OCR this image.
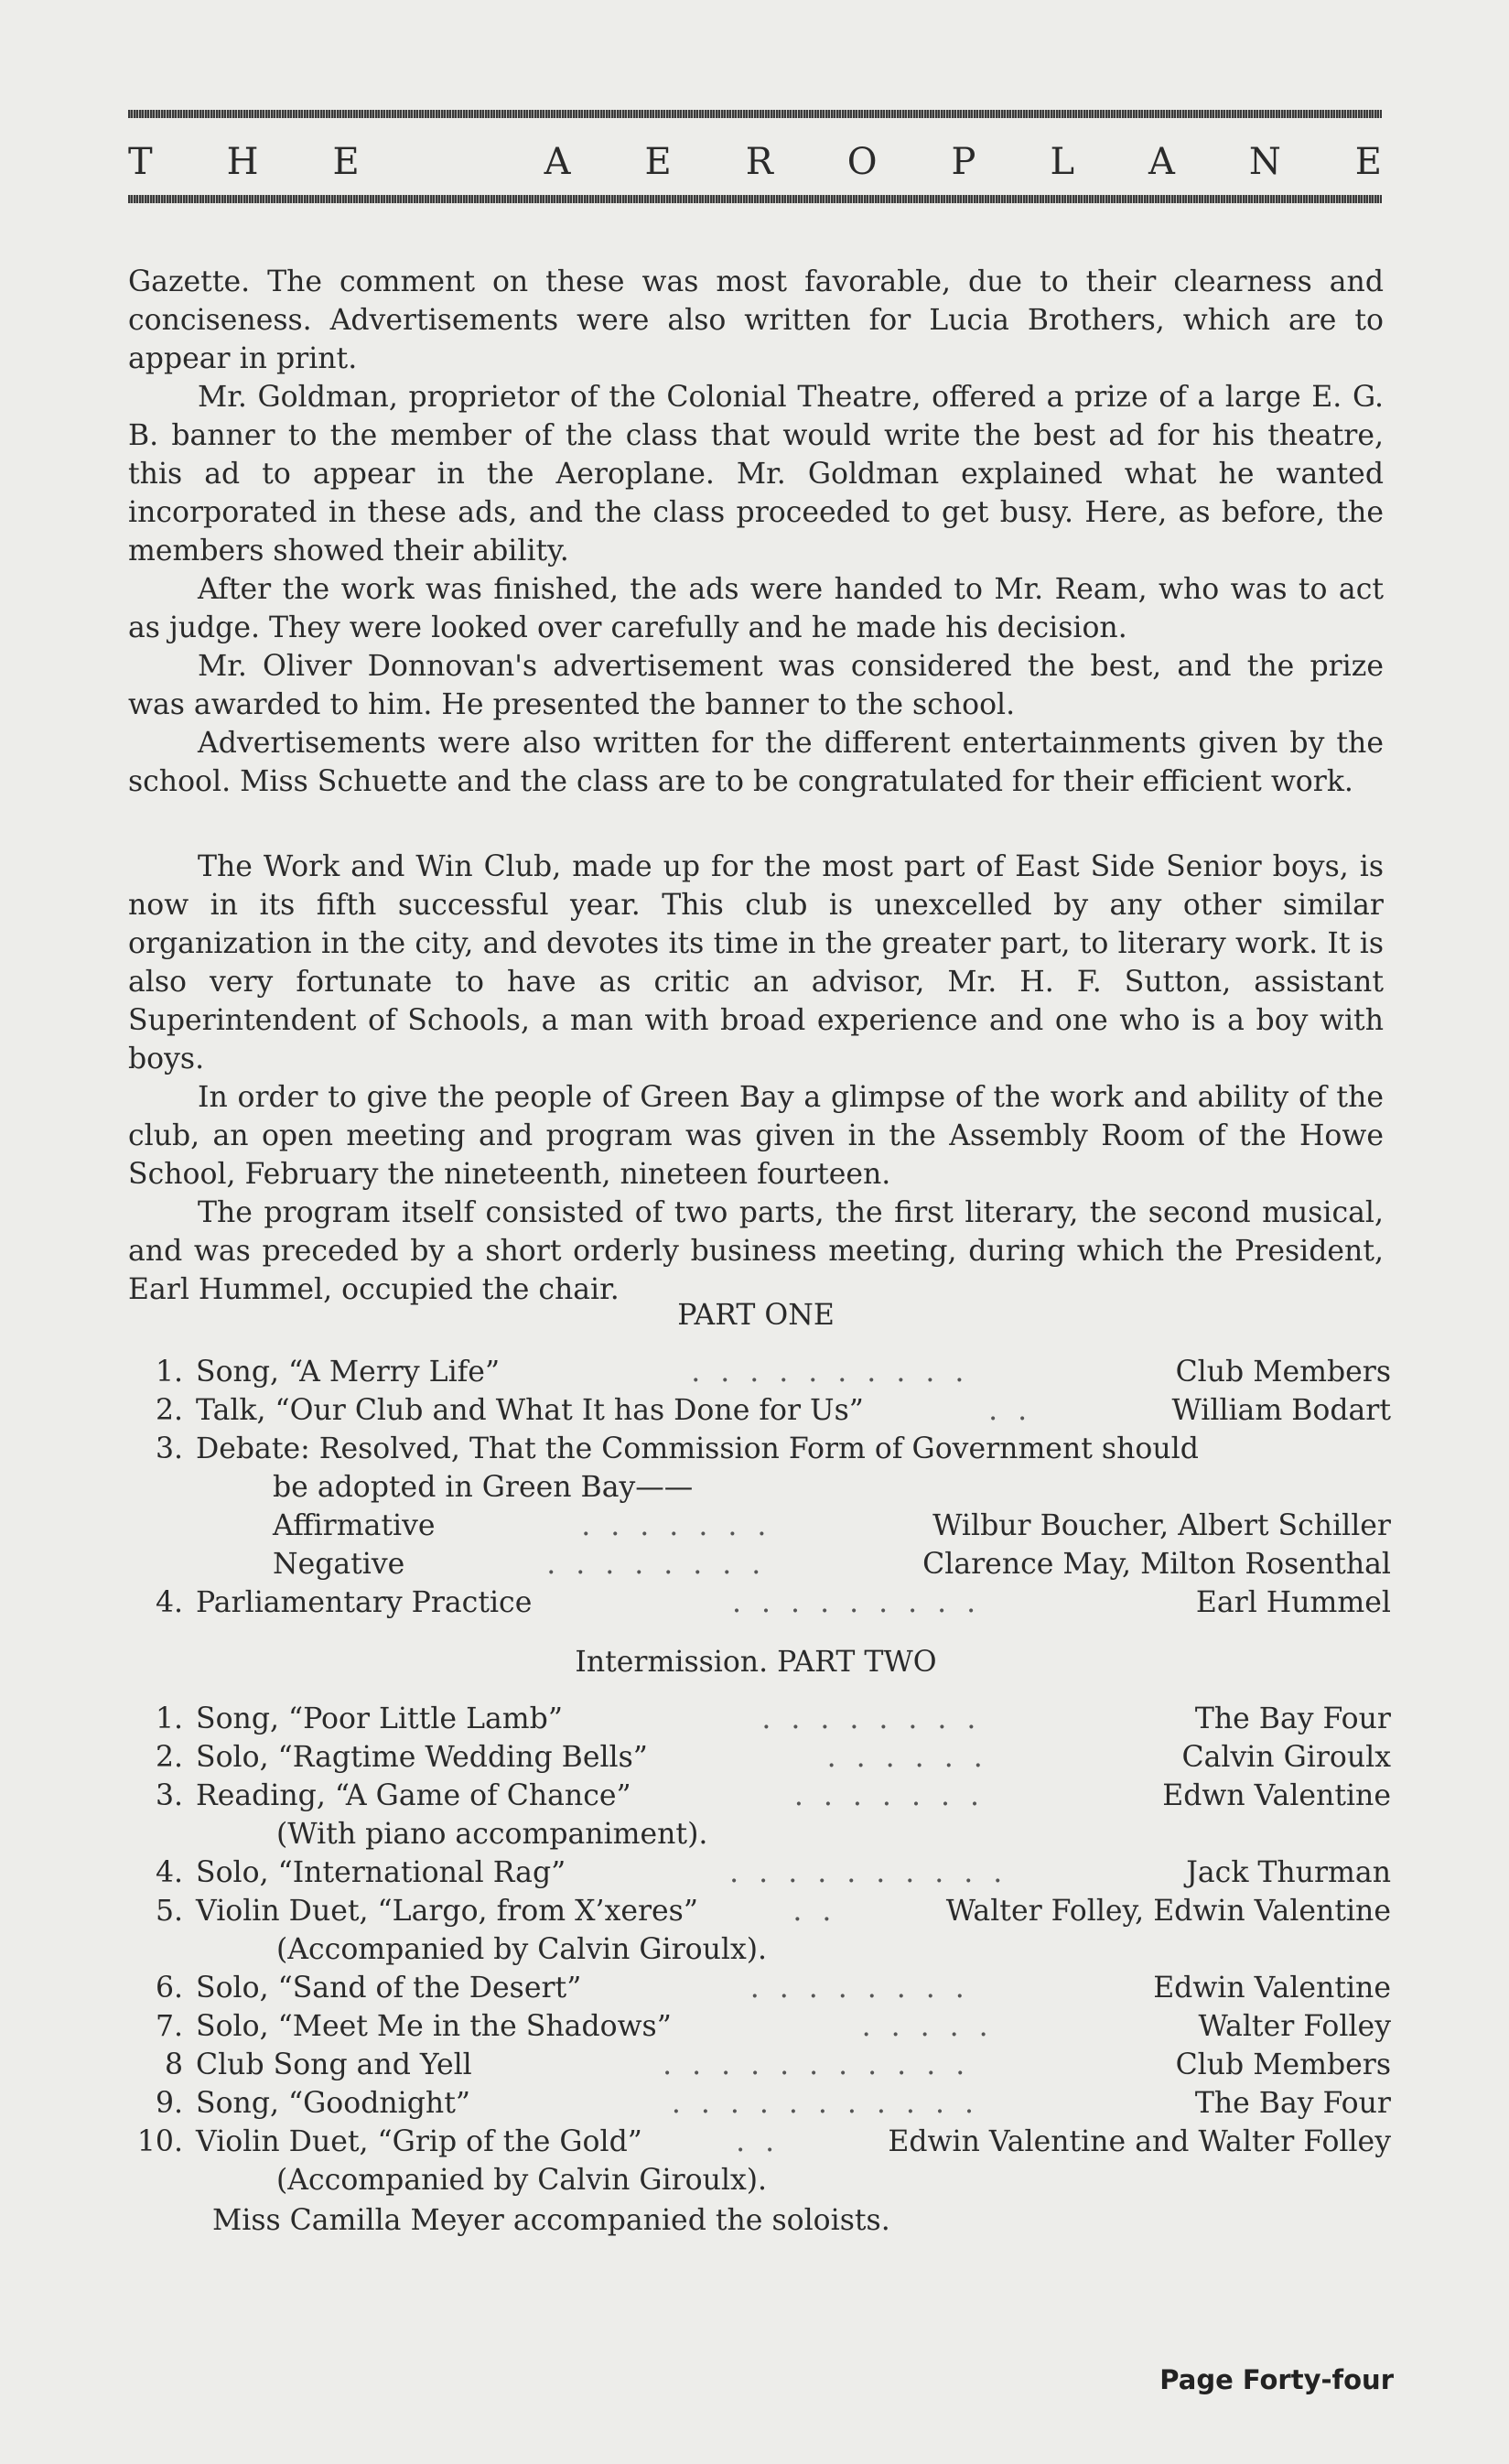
T H E	A E R O P L A N E

Gazette. The comment on these was most favorable, due to their clearness and conciseness. Advertisements were also written for Lucia Brothers, which are to appear in print.

Mr. Goldman, proprietor of the Colonial Theatre, offered a prize of a large E. G. B. banner to the member of the class that would write the best ad for his theatre, this ad to appear in the Aeroplane. Mr. Goldman explained what he wanted incorporated in these ads, and the class proceeded to get busy. Here, as before, the members showed their ability.

After the work was finished, the ads were handed to Mr. Ream, who was to act as judge. They were looked over carefully and he made his decision.

Mr. Oliver Donnovan's advertisement was considered the best, and the prize was awarded to him. He presented the banner to the school.

Advertisements were also written for the different entertainments given by the school. Miss Schuette and the class are to be congratulated for their efficient work.

The Work and Win Club, made up for the most part of East Side Senior boys, is now in its fifth successful year. This club is unexcelled by any other similar organization in the city, and devotes its time in the greater part, to literary work. It is also very fortunate to have as critic an advisor, Mr. H. F. Sutton, assistant Superintendent of Schools, a man with broad experience and one who is a boy with boys.

In order to give the people of Green Bay a glimpse of the work and ability of the club, an open meeting and program was given in the Assembly Room of the Howe School, February the nineteenth, nineteen fourteen.

The program itself consisted of two parts, the first literary, the second musical, and was preceded by a short orderly business meeting, during which the President, Earl Hummel, occupied the chair.

PART ONE
1. Song, “A Merry Life”	..........	Club Members
2. Talk, “Our Club and What It has Done for Us”	..	William Bodart
3. Debate: Resolved, That the Commission Form of Government should
be adopted in Green Bay——
Affirmative	.......	Wilbur Boucher, Albert Schiller
Negative	........	Clarence May, Milton Rosenthal
4. Parliamentary Practice	.........	Earl Hummel
Intermission. PART TWO
1. Song, “Poor Little Lamb”	........	The Bay Four
2. Solo, “Ragtime Wedding Bells”	......	Calvin Giroulx
3. Reading, “A Game of Chance”	.......	Edwn Valentine
(With piano accompaniment).
4. Solo, “International Rag”	..........	Jack Thurman
5. Violin Duet, “Largo, from X’xeres”	..	Walter Folley, Edwin Valentine
(Accompanied by Calvin Giroulx).
6. Solo, “Sand of the Desert”	........	Edwin Valentine
7. Solo, “Meet Me in the Shadows”	.....	Walter Folley
8 Club Song and Yell	...........	Club Members
9. Song, “Goodnight”	...........	The Bay Four
10. Violin Duet, “Grip of the Gold”	..	Edwin Valentine and Walter Folley
(Accompanied by Calvin Giroulx).
Miss Camilla Meyer accompanied the soloists.
Page Forty-four
